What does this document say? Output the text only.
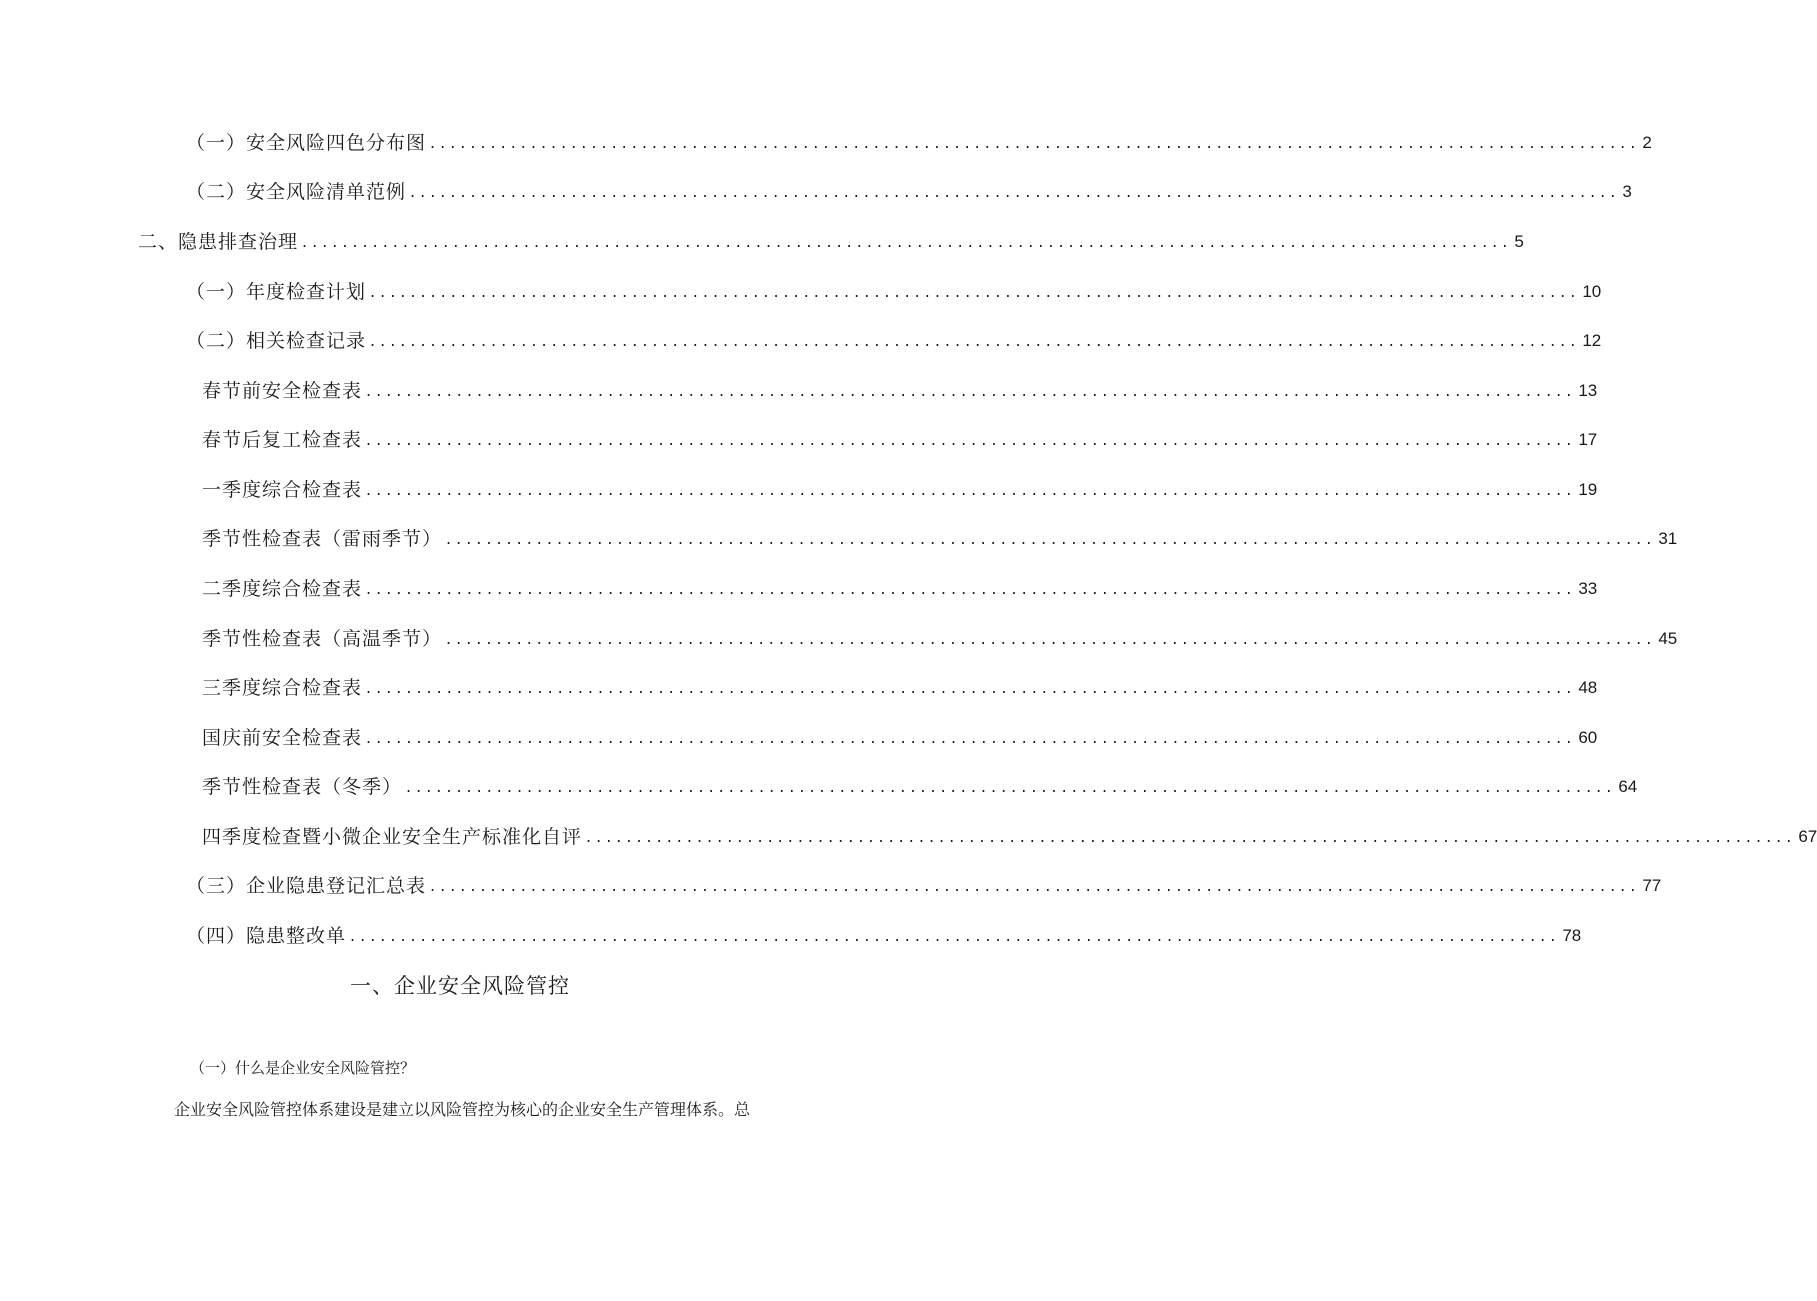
（一）安全风险四色分布图 ........................................................................................................................ 2
（二）安全风险清单范例 ........................................................................................................................ 3
二、隐患排查治理 ........................................................................................................................ 5
（一）年度检查计划 ........................................................................................................................ 10
（二）相关检查记录 ........................................................................................................................ 12
春节前安全检查表 ........................................................................................................................ 13
春节后复工检查表 ........................................................................................................................ 17
一季度综合检查表 ........................................................................................................................ 19
季节性检查表（雷雨季节） ........................................................................................................................ 31
二季度综合检查表 ........................................................................................................................ 33
季节性检查表（高温季节） ........................................................................................................................ 45
三季度综合检查表 ........................................................................................................................ 48
国庆前安全检查表 ........................................................................................................................ 60
季节性检查表（冬季） ........................................................................................................................ 64
四季度检查暨小微企业安全生产标准化自评 ........................................................................................................................ 67
（三）企业隐患登记汇总表 ........................................................................................................................ 77
（四）隐患整改单 ........................................................................................................................ 78
一、企业安全风险管控
（一）什么是企业安全风险管控？
企业安全风险管控体系建设是建立以风险管控为核心的企业安全生产管理体系。总
